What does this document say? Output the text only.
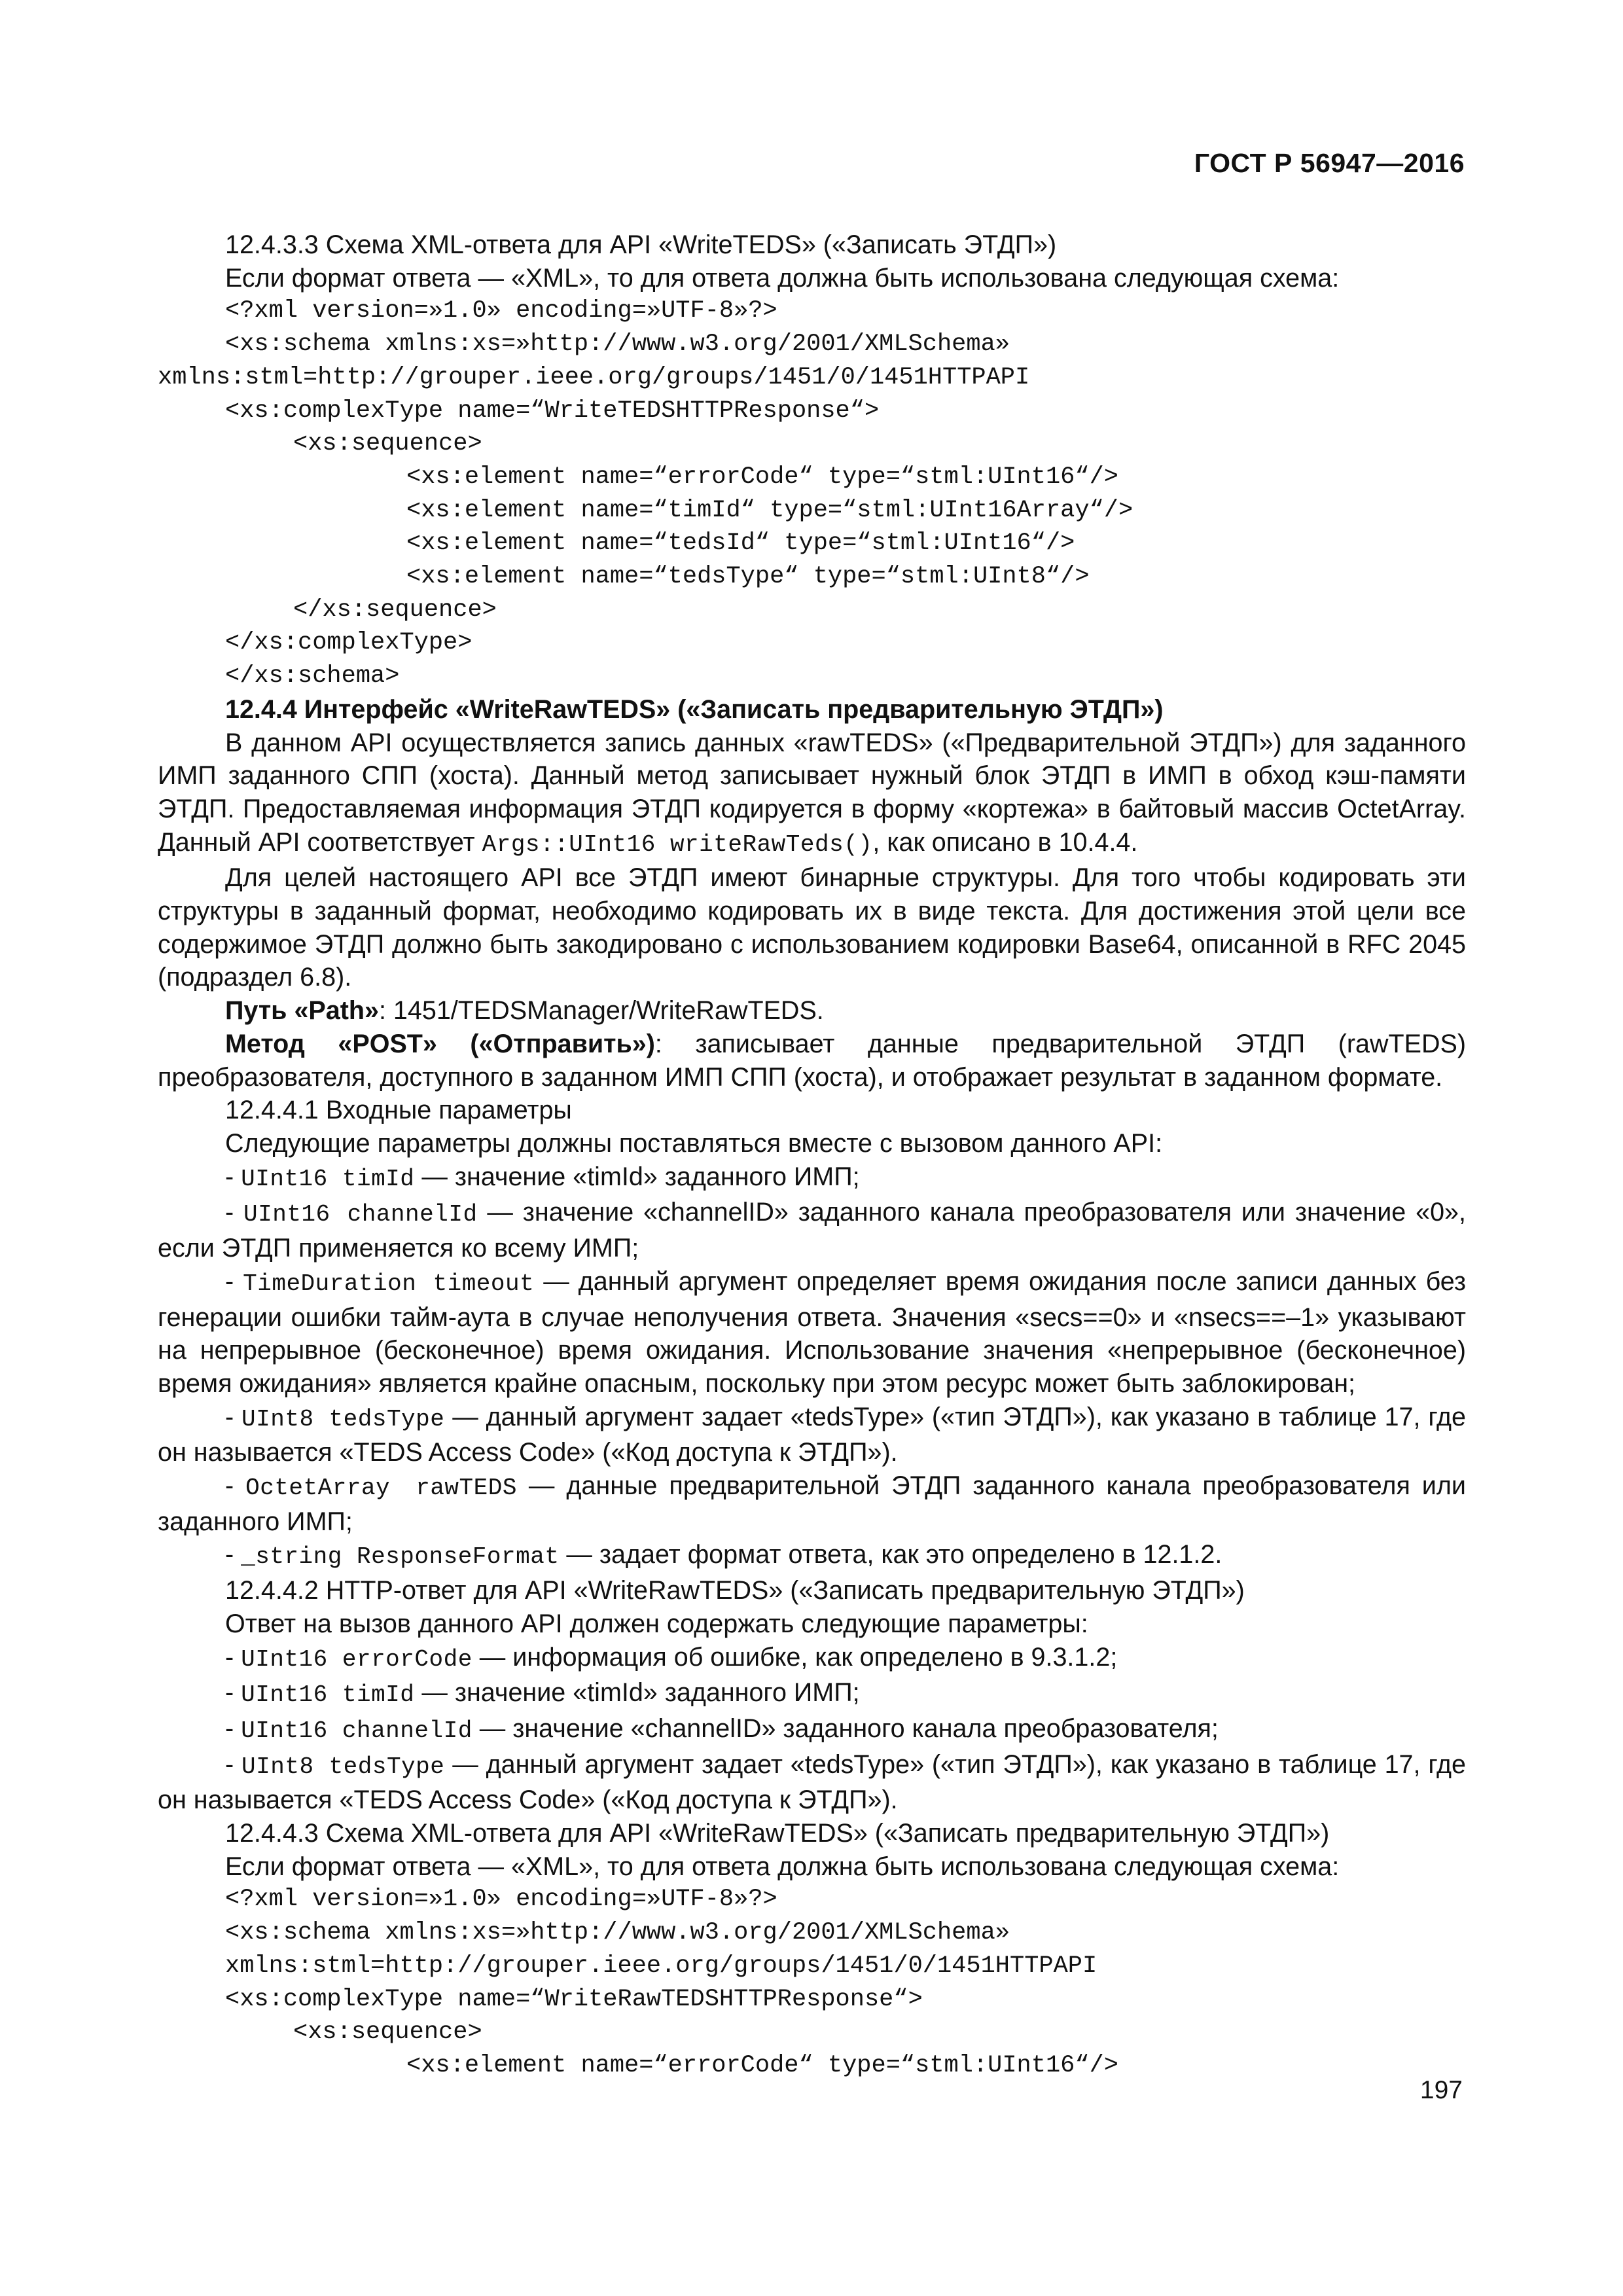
ГОСТ Р 56947—2016

12.4.3.3 Схема XML-ответа для API «WriteTEDS» («Записать ЭТДП»)

Если формат ответа — «XML», то для ответа должна быть использована следующая схема:

<?xml version=»1.0» encoding=»UTF-8»?>

<xs:schema xmlns:xs=»http://www.w3.org/2001/XMLSchema»

xmlns:stml=http://grouper.ieee.org/groups/1451/0/1451HTTPAPI

<xs:complexType name=“WriteTEDSHTTPResponse“>

<xs:sequence>

<xs:element name=“errorCode“ type=“stml:UInt16“/>

<xs:element name=“timId“ type=“stml:UInt16Array“/>

<xs:element name=“tedsId“ type=“stml:UInt16“/>

<xs:element name=“tedsType“ type=“stml:UInt8“/>

</xs:sequence>

</xs:complexType>

</xs:schema>

12.4.4 Интерфейс «WriteRawTEDS» («Записать предварительную ЭТДП»)

В данном API осуществляется запись данных «rawTEDS» («Предварительной ЭТДП») для заданного ИМП заданного СПП (хоста). Данный метод записывает нужный блок ЭТДП в ИМП в обход кэш-памяти ЭТДП. Предоставляемая информация ЭТДП кодируется в форму «кортежа» в байтовый массив OctetArray. Данный API соответствует Args::UInt16 writeRawTeds(), как описано в 10.4.4.

Для целей настоящего API все ЭТДП имеют бинарные структуры. Для того чтобы кодировать эти структуры в заданный формат, необходимо кодировать их в виде текста. Для достижения этой цели все содержимое ЭТДП должно быть закодировано с использованием кодировки Base64, описанной в RFC 2045 (подраздел 6.8).

Путь «Path»: 1451/TEDSManager/WriteRawTEDS.

Метод «POST» («Отправить»): записывает данные предварительной ЭТДП (rawTEDS) преобразователя, доступного в заданном ИМП СПП (хоста), и отображает результат в заданном формате.

12.4.4.1 Входные параметры

Следующие параметры должны поставляться вместе с вызовом данного API:

- UInt16 timId — значение «timId» заданного ИМП;

- UInt16 channelId — значение «channelID» заданного канала преобразователя или значение «0», если ЭТДП применяется ко всему ИМП;

- TimeDuration timeout — данный аргумент определяет время ожидания после записи данных без генерации ошибки тайм-аута в случае неполучения ответа. Значения «secs==0» и «nsecs==–1» указывают на непрерывное (бесконечное) время ожидания. Использование значения «непрерывное (бесконечное) время ожидания» является крайне опасным, поскольку при этом ресурс может быть заблокирован;

- UInt8 tedsType — данный аргумент задает «tedsType» («тип ЭТДП»), как указано в таблице 17, где он называется «TEDS Access Code» («Код доступа к ЭТДП»).

- OctetArray rawTEDS — данные предварительной ЭТДП заданного канала преобразователя или заданного ИМП;

- _string ResponseFormat — задает формат ответа, как это определено в 12.1.2.

12.4.4.2 HTTP-ответ для API «WriteRawTEDS» («Записать предварительную ЭТДП»)

Ответ на вызов данного API должен содержать следующие параметры:

- UInt16 errorCode — информация об ошибке, как определено в 9.3.1.2;

- UInt16 timId — значение «timId» заданного ИМП;

- UInt16 channelId — значение «channelID» заданного канала преобразователя;

- UInt8 tedsType — данный аргумент задает «tedsType» («тип ЭТДП»), как указано в таблице 17, где он называется «TEDS Access Code» («Код доступа к ЭТДП»).

12.4.4.3 Схема XML-ответа для API «WriteRawTEDS» («Записать предварительную ЭТДП»)

Если формат ответа — «XML», то для ответа должна быть использована следующая схема:

<?xml version=»1.0» encoding=»UTF-8»?>

<xs:schema xmlns:xs=»http://www.w3.org/2001/XMLSchema»

xmlns:stml=http://grouper.ieee.org/groups/1451/0/1451HTTPAPI

<xs:complexType name=“WriteRawTEDSHTTPResponse“>

<xs:sequence>

<xs:element name=“errorCode“ type=“stml:UInt16“/>

197
